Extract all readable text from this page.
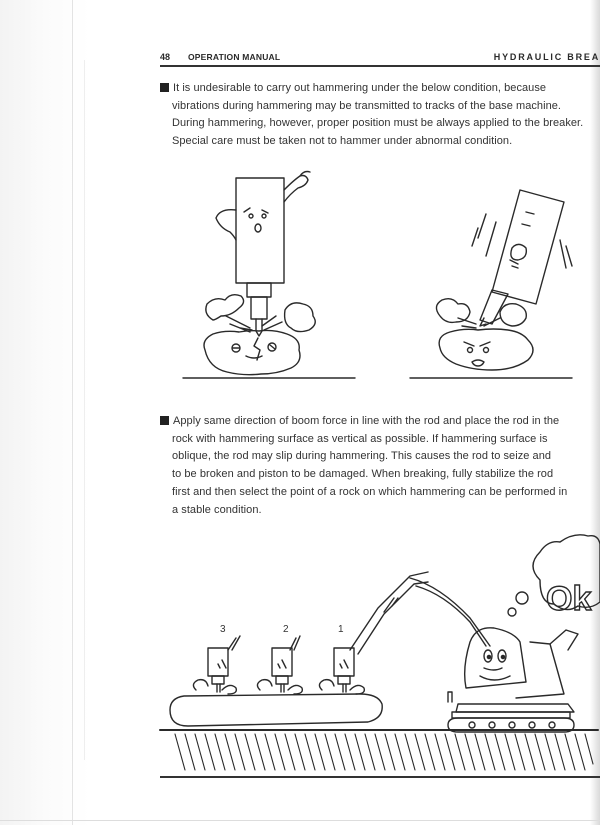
48 OPERATION MANUAL	HYDRAULIC BREA
It is undesirable to carry out hammering under the below condition, because
vibrations during hammering may be transmitted to tracks of the base machine.
During hammering, however, proper position must be always applied to the breaker.
Special care must be taken not to hammer under abnormal condition.
Apply same direction of boom force in line with the rod and place the rod in the
rock with hammering surface as vertical as possible. If hammering surface is
oblique, the rod may slip during hammering. This causes the rod to seize and
to be broken and piston to be damaged. When breaking, fully stabilize the rod
first and then select the point of a rock on which hammering can be performed in
a stable condition.
Ok
3	2	1
